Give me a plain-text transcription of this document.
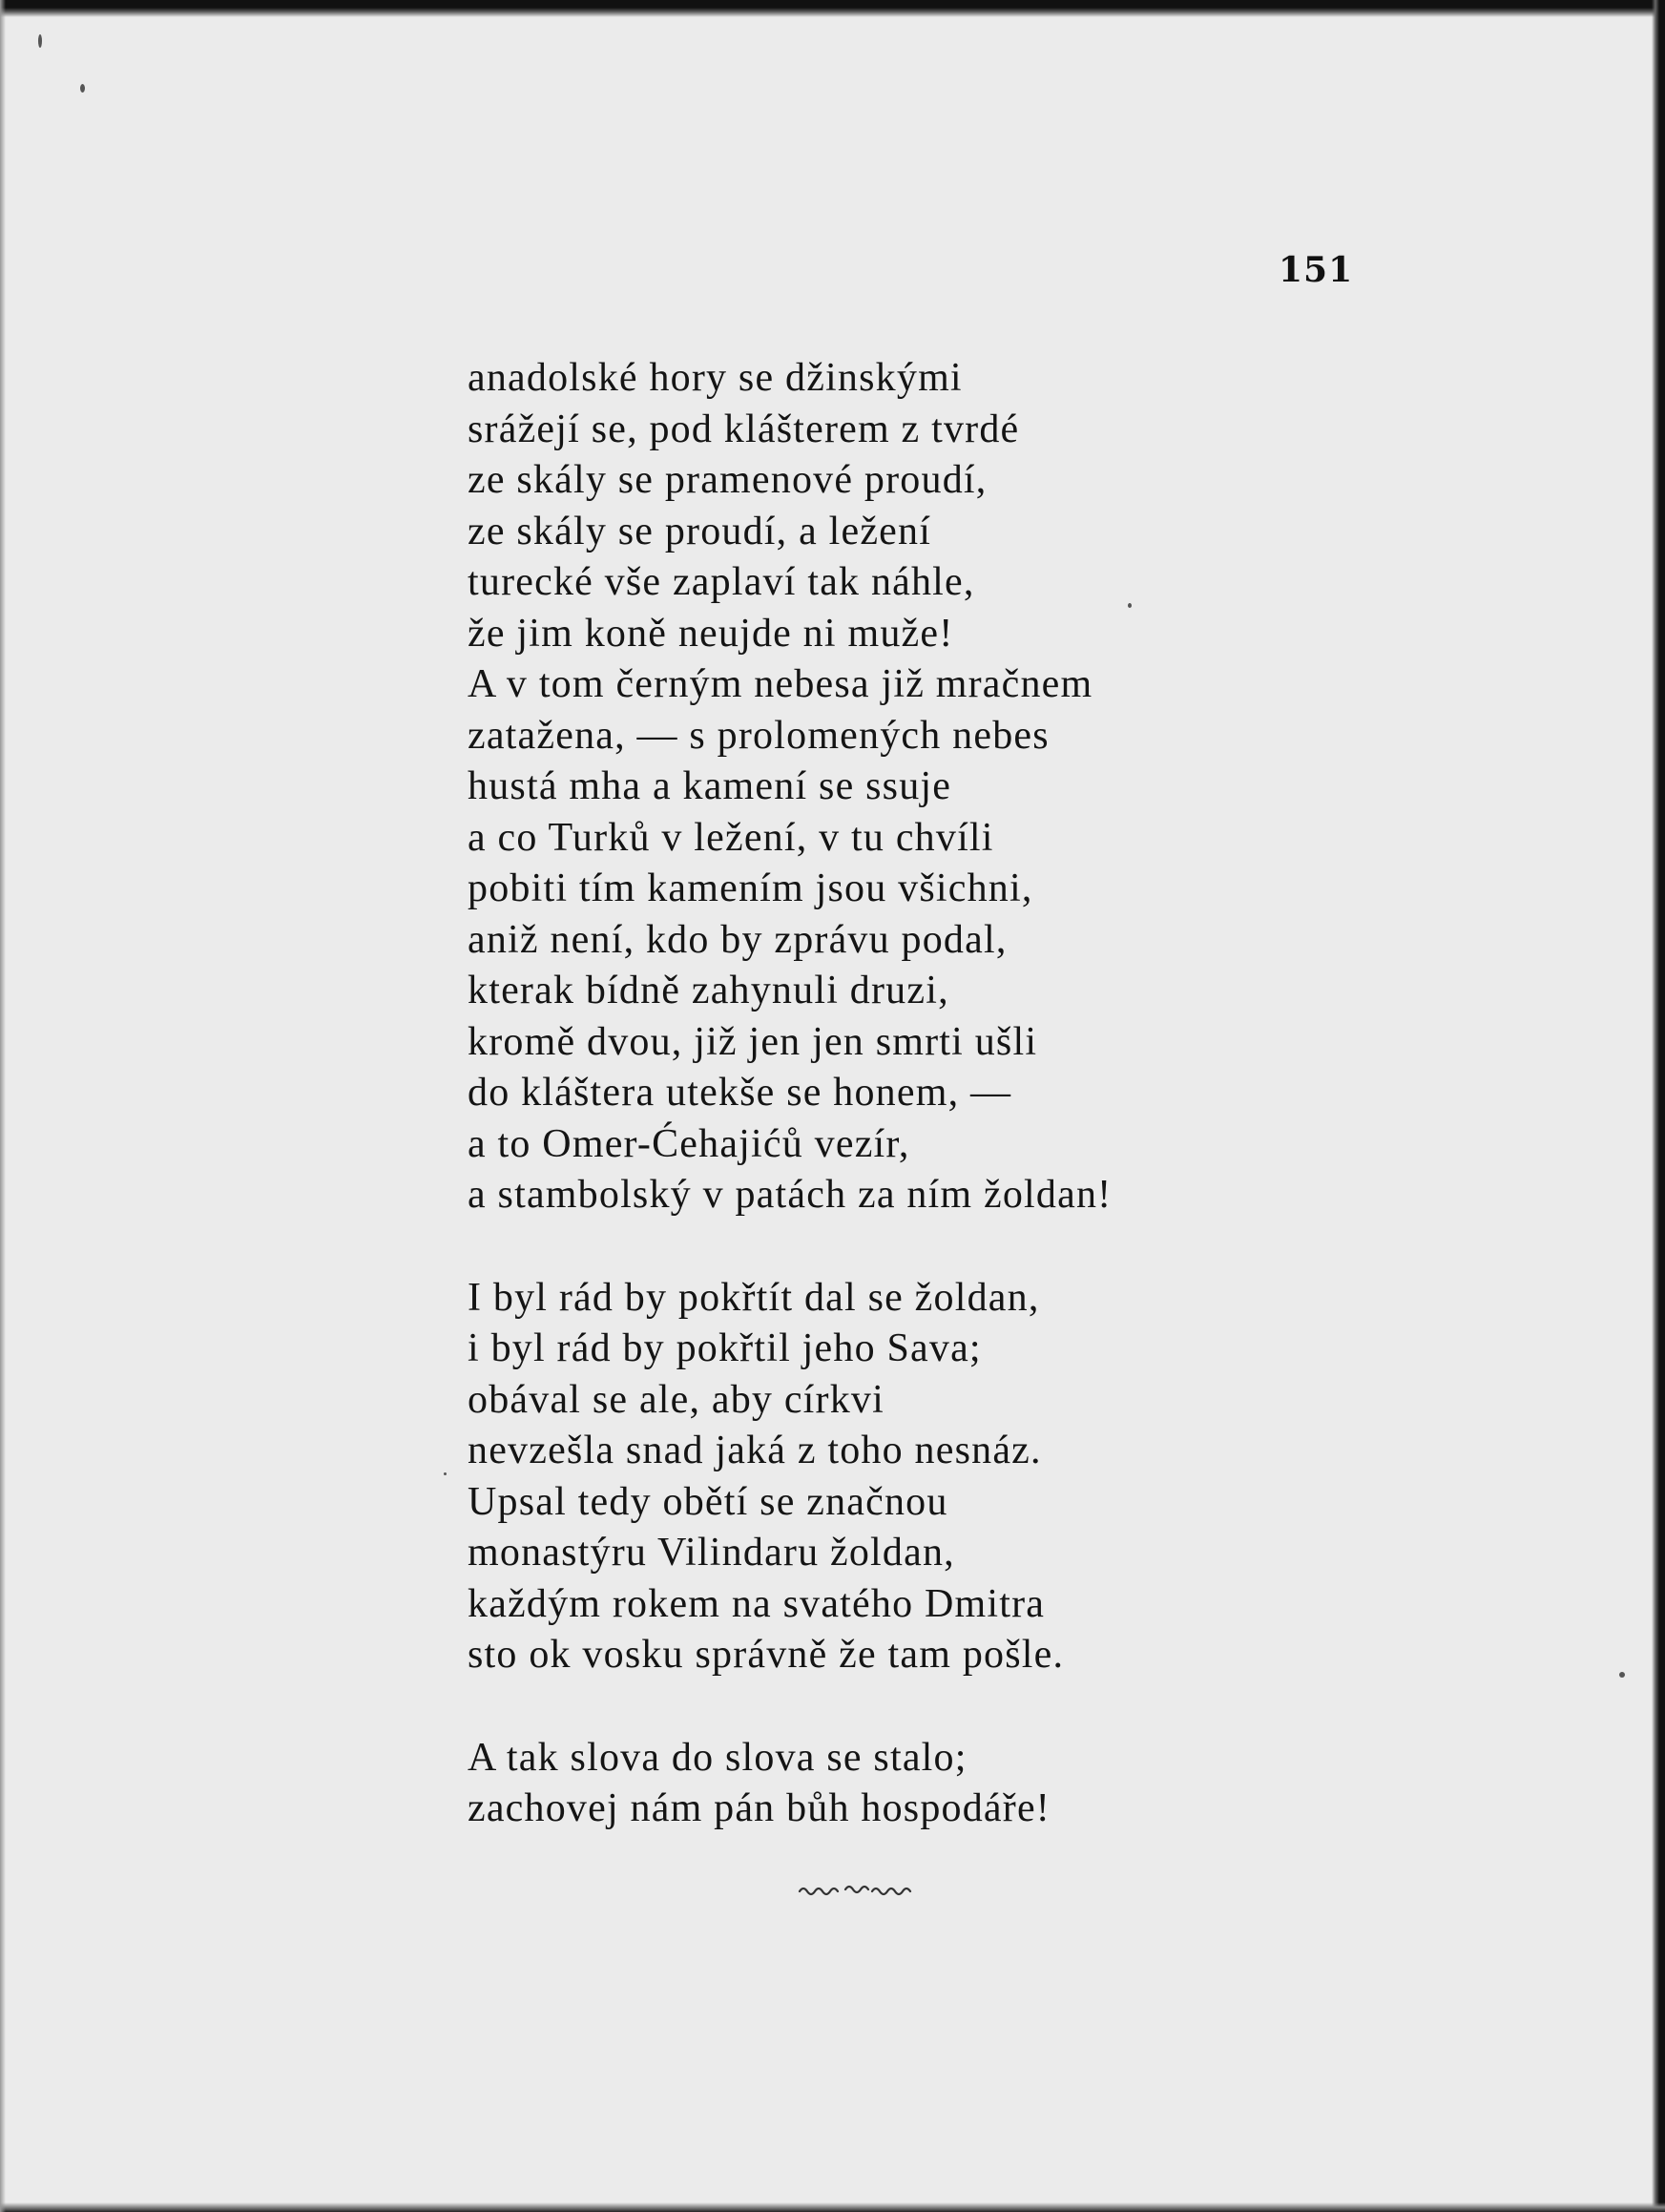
151
anadolské hory se džinskými
srážejí se, pod klášterem z tvrdé
ze skály se pramenové proudí,
ze skály se proudí, a ležení
turecké vše zaplaví tak náhle,
že jim koně neujde ni muže!
A v tom černým nebesa již mračnem
zatažena, — s prolomených nebes
hustá mha a kamení se ssuje
a co Turků v ležení, v tu chvíli
pobiti tím kamením jsou všichni,
aniž není, kdo by zprávu podal,
kterak bídně zahynuli druzi,
kromě dvou, již jen jen smrti ušli
do kláštera utekše se honem, —
a to Omer-Ćehajićů vezír,
a stambolský v patách za ním žoldan!
I byl rád by pokřtít dal se žoldan,
i byl rád by pokřtil jeho Sava;
obával se ale, aby církvi
nevzešla snad jaká z toho nesnáz.
Upsal tedy obětí se značnou
monastýru Vilindaru žoldan,
každým rokem na svatého Dmitra
sto ok vosku správně že tam pošle.
A tak slova do slova se stalo;
zachovej nám pán bůh hospodáře!
